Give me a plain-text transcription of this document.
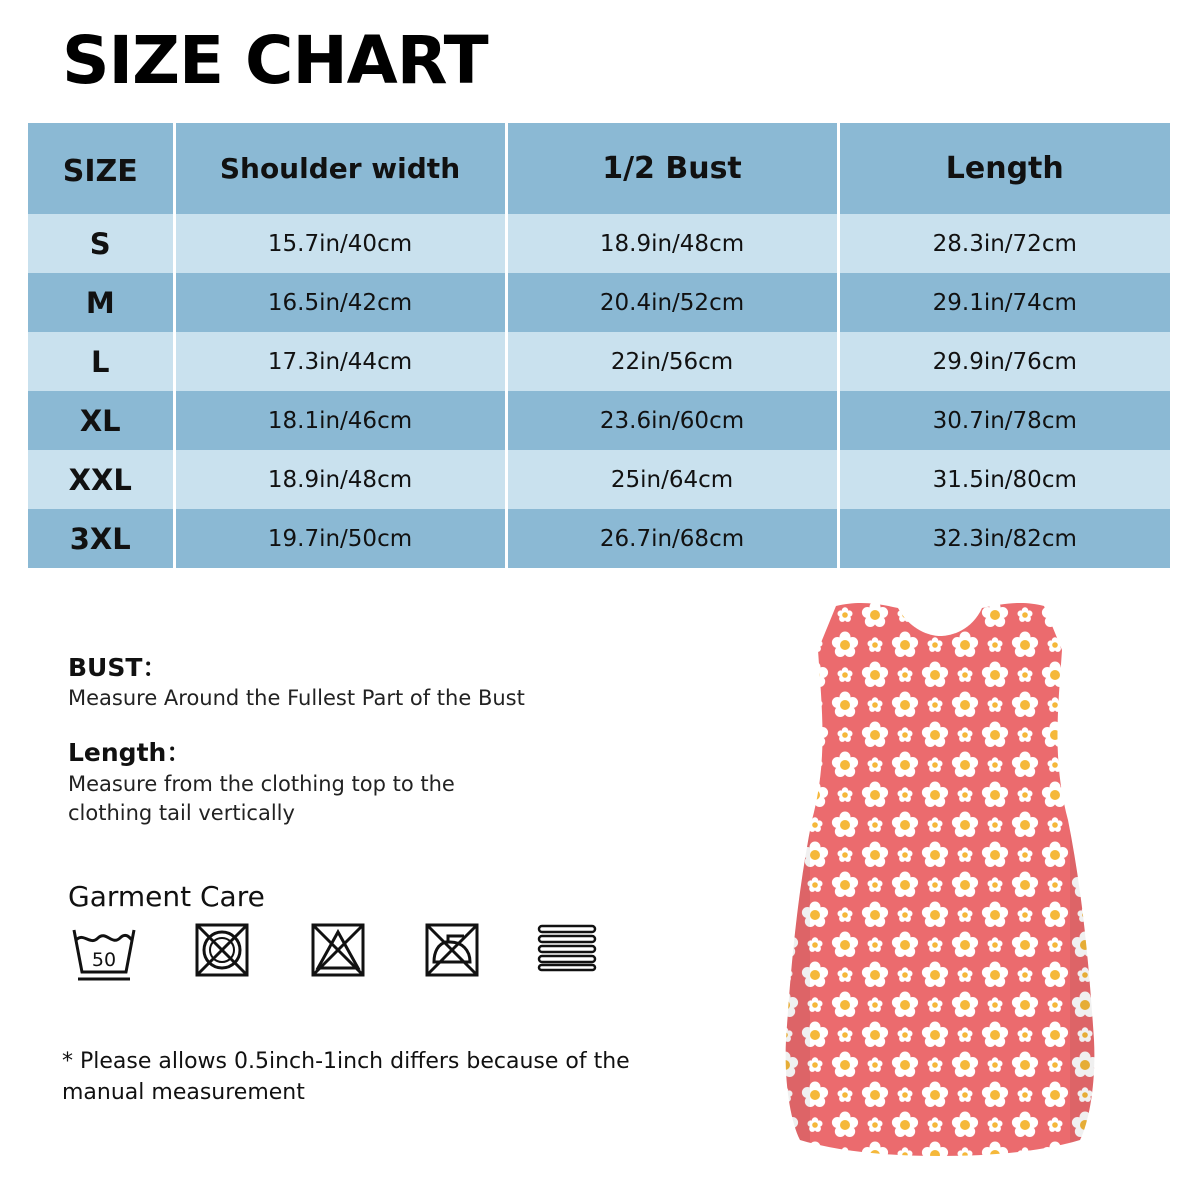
SIZE CHART
SIZE	Shoulder width	1/2 Bust	Length
S	15.7in/40cm	18.9in/48cm	28.3in/72cm
M	16.5in/42cm	20.4in/52cm	29.1in/74cm
L	17.3in/44cm	22in/56cm	29.9in/76cm
XL	18.1in/46cm	23.6in/60cm	30.7in/78cm
XXL	18.9in/48cm	25in/64cm	31.5in/80cm
3XL	19.7in/50cm	26.7in/68cm	32.3in/82cm

BUST：

Measure Around the Fullest Part of the Bust

Length：

Measure from the clothing top to the clothing tail vertically

Garment Care
50
* Please allows 0.5inch-1inch differs because of the manual measurement
